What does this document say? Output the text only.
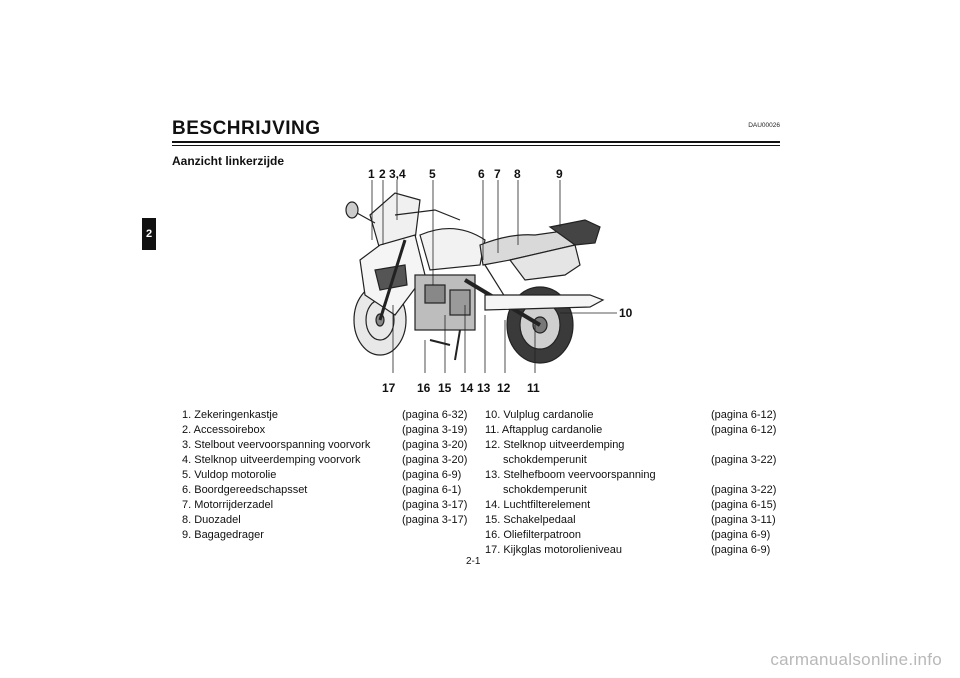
2
BESCHRIJVING	DAU00026
Aanzicht linkerzijde
1 2 3,4 5	6 7 8	9
10
11
12
13
14
15
16
17
1. Zekeringenkastje	(pagina 6-32)
2. Accessoirebox	(pagina 3-19)
3. Stelbout veervoorspanning voorvork	(pagina 3-20)
4. Stelknop uitveerdemping voorvork	(pagina 3-20)
5. Vuldop motorolie	(pagina 6-9)
6. Boordgereedschapsset	(pagina 6-1)
7. Motorrijderzadel	(pagina 3-17)
8. Duozadel	(pagina 3-17)
9. Bagagedrager
10. Vulplug cardanolie	(pagina 6-12)
11. Aftapplug cardanolie	(pagina 6-12)
12. Stelknop uitveerdemping
schokdemperunit	(pagina 3-22)
13. Stelhefboom veervoorspanning
schokdemperunit	(pagina 3-22)
14. Luchtfilterelement	(pagina 6-15)
15. Schakelpedaal	(pagina 3-11)
16. Oliefilterpatroon	(pagina 6-9)
17. Kijkglas motorolieniveau	(pagina 6-9)
2-1
carmanualsonline.info
